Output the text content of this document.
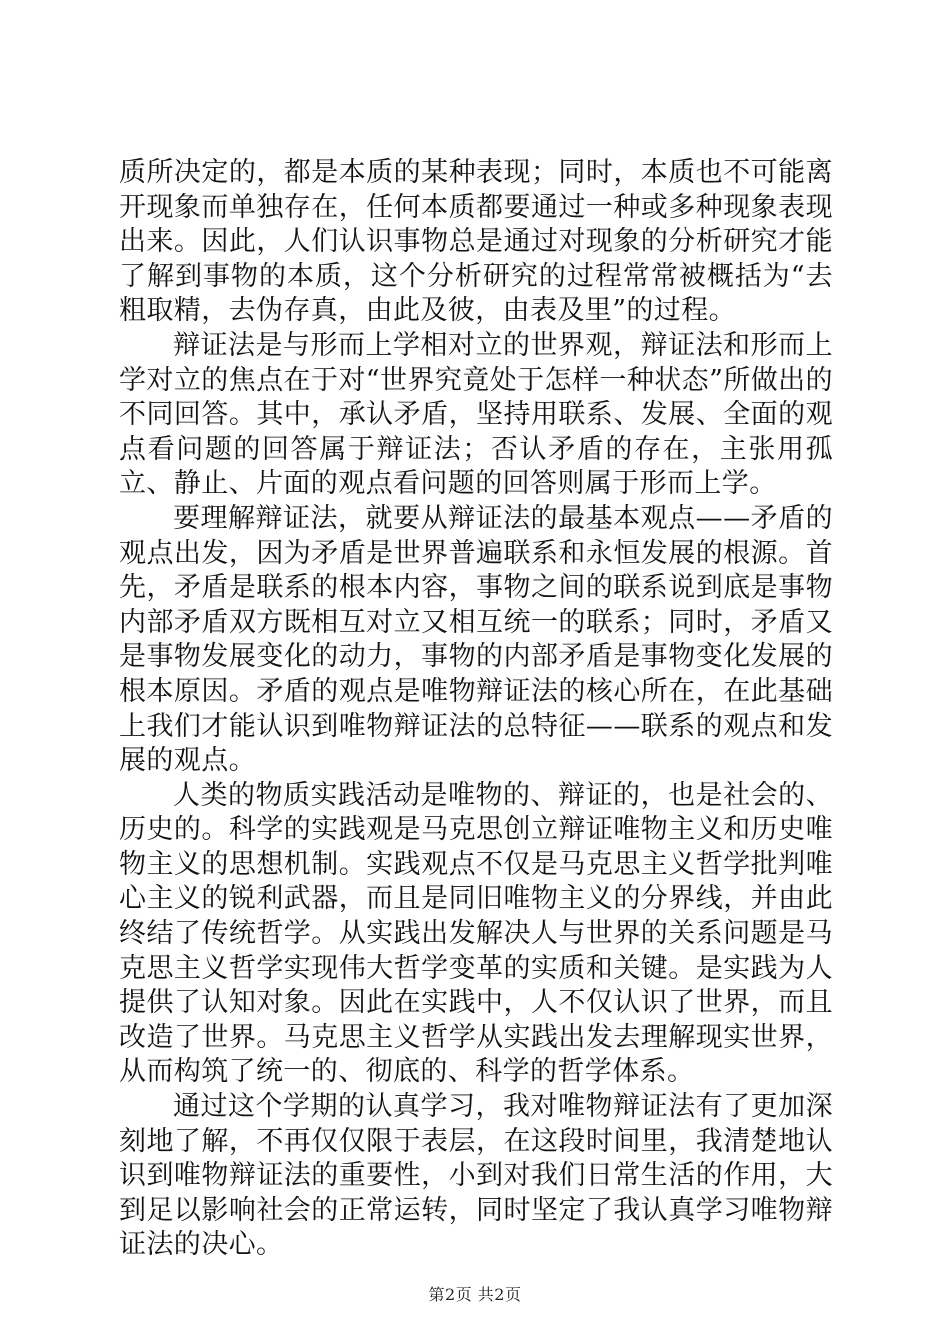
质所决定的，都是本质的某种表现；同时，本质也不可能离开现象而单独存在，任何本质都要通过一种或多种现象表现出来。因此，人们认识事物总是通过对现象的分析研究才能了解到事物的本质，这个分析研究的过程常常被概括为“去粗取精，去伪存真，由此及彼，由表及里”的过程。

辩证法是与形而上学相对立的世界观，辩证法和形而上学对立的焦点在于对“世界究竟处于怎样一种状态”所做出的不同回答。其中，承认矛盾，坚持用联系、发展、全面的观点看问题的回答属于辩证法；否认矛盾的存在，主张用孤立、静止、片面的观点看问题的回答则属于形而上学。

要理解辩证法，就要从辩证法的最基本观点——矛盾的观点出发，因为矛盾是世界普遍联系和永恒发展的根源。首先，矛盾是联系的根本内容，事物之间的联系说到底是事物内部矛盾双方既相互对立又相互统一的联系；同时，矛盾又是事物发展变化的动力，事物的内部矛盾是事物变化发展的根本原因。矛盾的观点是唯物辩证法的核心所在，在此基础上我们才能认识到唯物辩证法的总特征——联系的观点和发展的观点。

人类的物质实践活动是唯物的、辩证的，也是社会的、历史的。科学的实践观是马克思创立辩证唯物主义和历史唯物主义的思想机制。实践观点不仅是马克思主义哲学批判唯心主义的锐利武器，而且是同旧唯物主义的分界线，并由此终结了传统哲学。从实践出发解决人与世界的关系问题是马克思主义哲学实现伟大哲学变革的实质和关键。是实践为人提供了认知对象。因此在实践中，人不仅认识了世界，而且改造了世界。马克思主义哲学从实践出发去理解现实世界，从而构筑了统一的、彻底的、科学的哲学体系。

通过这个学期的认真学习，我对唯物辩证法有了更加深刻地了解，不再仅仅限于表层，在这段时间里，我清楚地认识到唯物辩证法的重要性，小到对我们日常生活的作用，大到足以影响社会的正常运转，同时坚定了我认真学习唯物辩证法的决心。

第2页 共2页
